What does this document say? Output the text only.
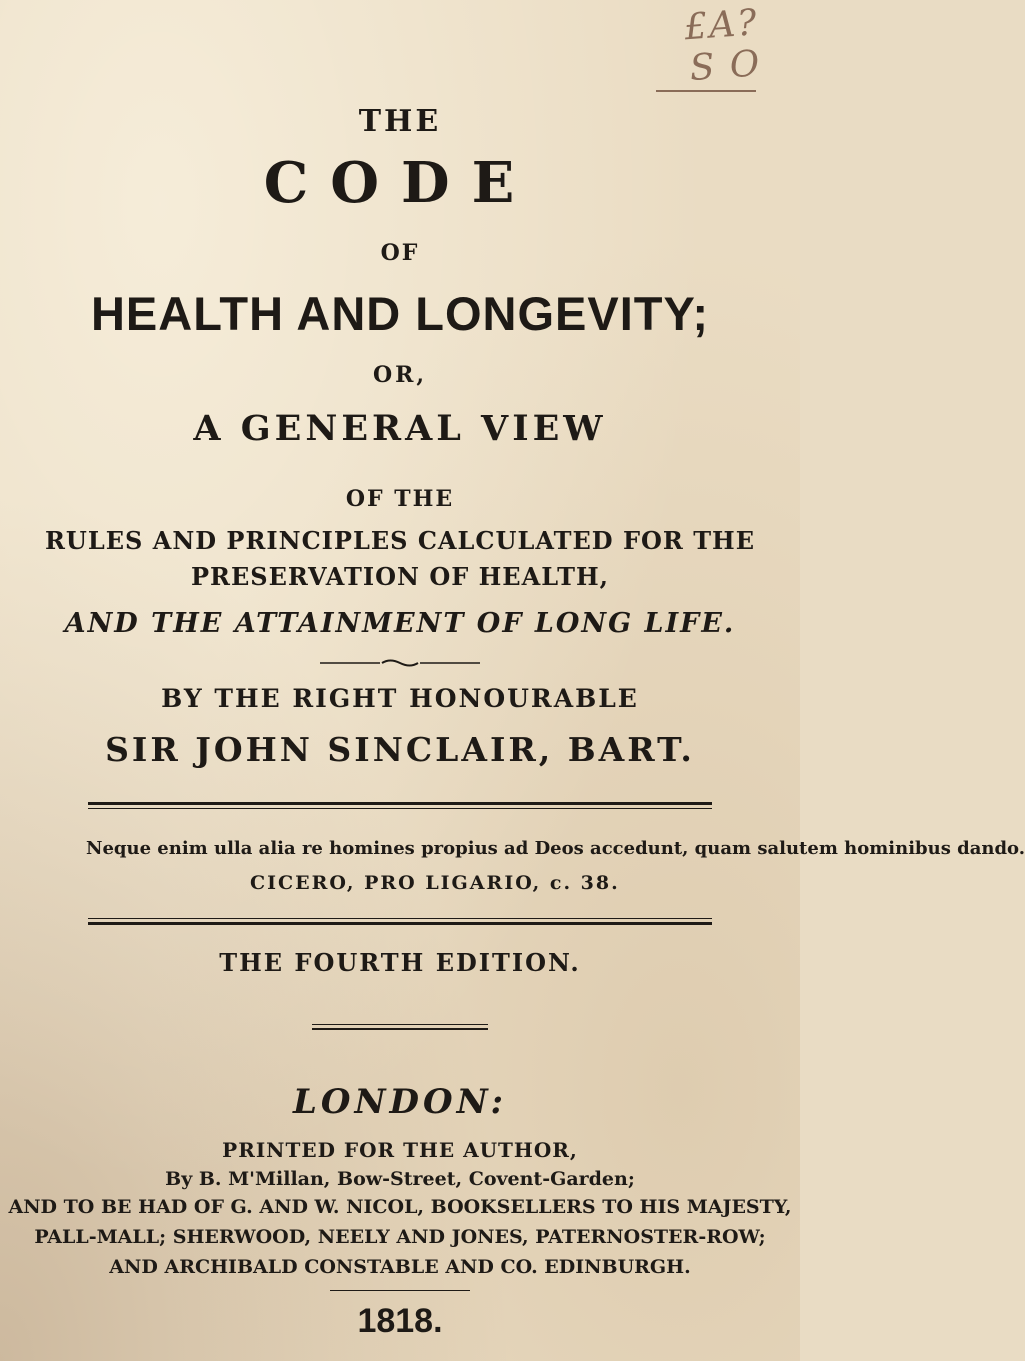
£A? S O
THE
CODE
OF
HEALTH AND LONGEVITY;
OR,
A GENERAL VIEW
OF THE
RULES AND PRINCIPLES CALCULATED FOR THE
PRESERVATION OF HEALTH,
AND THE ATTAINMENT OF LONG LIFE.
BY THE RIGHT HONOURABLE
SIR JOHN SINCLAIR, BART.
Neque enim ulla alia re homines propius ad Deos accedunt, quam salutem hominibus dando.
CICERO, PRO LIGARIO, c. 38.
THE FOURTH EDITION.
LONDON:
PRINTED FOR THE AUTHOR,
By B. M'Millan, Bow-Street, Covent-Garden;
AND TO BE HAD OF G. AND W. NICOL, BOOKSELLERS TO HIS MAJESTY,
PALL-MALL; SHERWOOD, NEELY AND JONES, PATERNOSTER-ROW;
AND ARCHIBALD CONSTABLE AND CO. EDINBURGH.
1818.
